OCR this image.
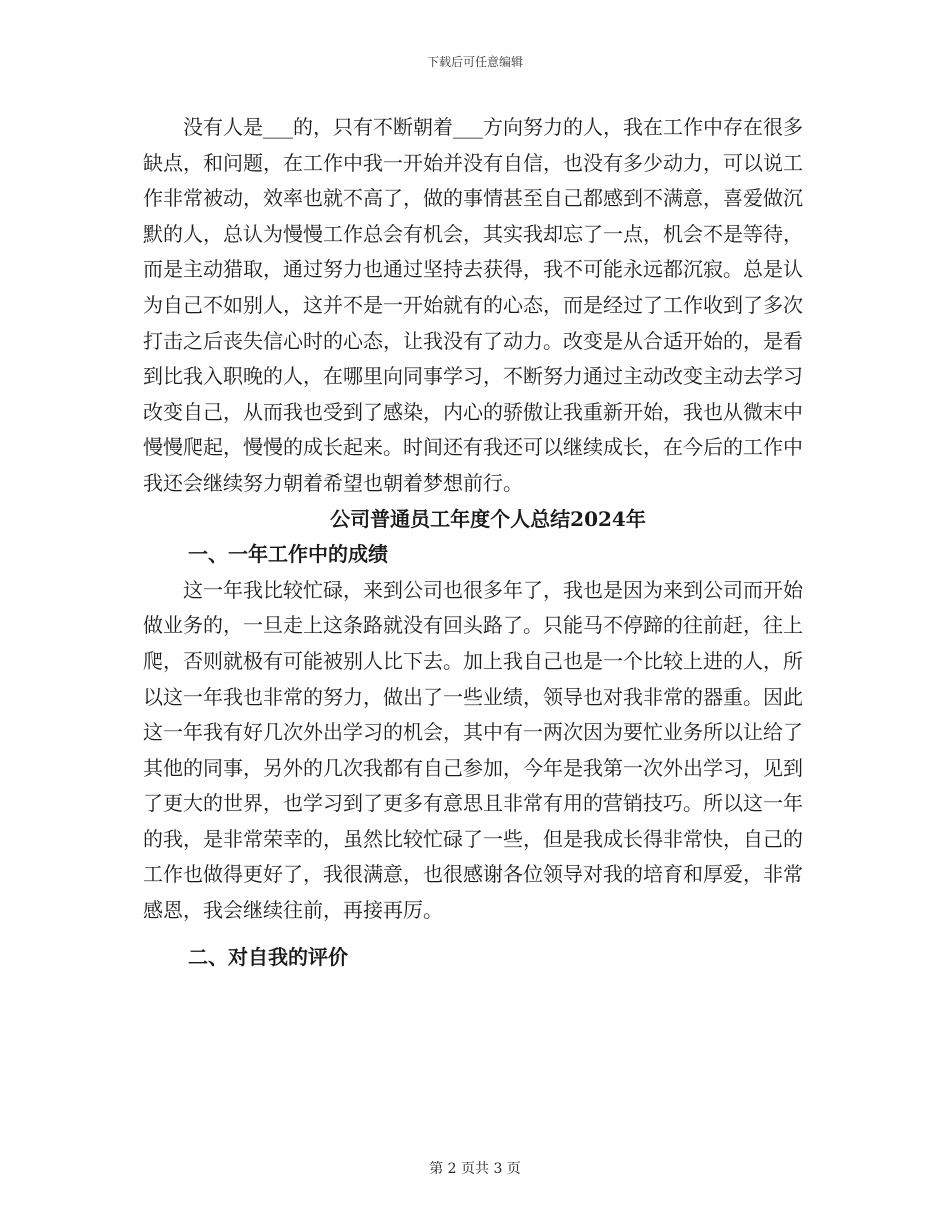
下载后可任意编辑

没有人是___的，只有不断朝着___方向努力的人，我在工作中存在很多缺点，和问题，在工作中我一开始并没有自信，也没有多少动力，可以说工作非常被动，效率也就不高了，做的事情甚至自己都感到不满意，喜爱做沉默的人，总认为慢慢工作总会有机会，其实我却忘了一点，机会不是等待，而是主动猎取，通过努力也通过坚持去获得，我不可能永远都沉寂。总是认为自己不如别人，这并不是一开始就有的心态，而是经过了工作收到了多次打击之后丧失信心时的心态，让我没有了动力。改变是从合适开始的，是看到比我入职晚的人，在哪里向同事学习，不断努力通过主动改变主动去学习改变自己，从而我也受到了感染，内心的骄傲让我重新开始，我也从微末中慢慢爬起，慢慢的成长起来。时间还有我还可以继续成长，在今后的工作中我还会继续努力朝着希望也朝着梦想前行。

公司普通员工年度个人总结2024年
一、一年工作中的成绩

这一年我比较忙碌，来到公司也很多年了，我也是因为来到公司而开始做业务的，一旦走上这条路就没有回头路了。只能马不停蹄的往前赶，往上爬，否则就极有可能被别人比下去。加上我自己也是一个比较上进的人，所以这一年我也非常的努力，做出了一些业绩，领导也对我非常的器重。因此这一年我有好几次外出学习的机会，其中有一两次因为要忙业务所以让给了其他的同事，另外的几次我都有自己参加，今年是我第一次外出学习，见到了更大的世界，也学习到了更多有意思且非常有用的营销技巧。所以这一年的我，是非常荣幸的，虽然比较忙碌了一些，但是我成长得非常快，自己的工作也做得更好了，我很满意，也很感谢各位领导对我的培育和厚爱，非常感恩，我会继续往前，再接再厉。

二、对自我的评价
第 2 页共 3 页
